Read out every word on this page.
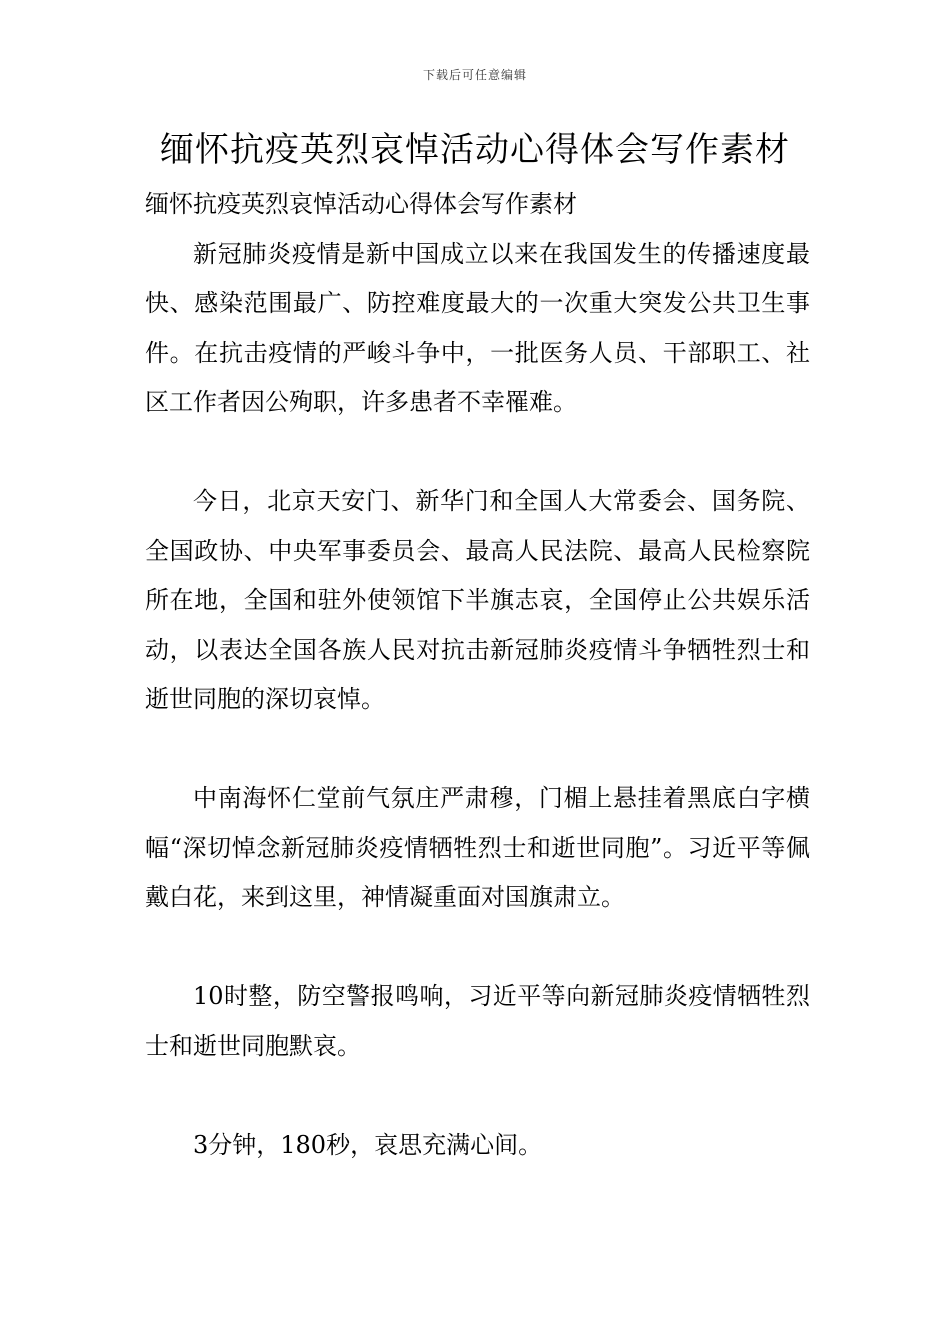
下载后可任意编辑
缅怀抗疫英烈哀悼活动心得体会写作素材

缅怀抗疫英烈哀悼活动心得体会写作素材

新冠肺炎疫情是新中国成立以来在我国发生的传播速度最快、感染范围最广、防控难度最大的一次重大突发公共卫生事件。在抗击疫情的严峻斗争中，一批医务人员、干部职工、社区工作者因公殉职，许多患者不幸罹难。

今日，北京天安门、新华门和全国人大常委会、国务院、全国政协、中央军事委员会、最高人民法院、最高人民检察院所在地，全国和驻外使领馆下半旗志哀，全国停止公共娱乐活动，以表达全国各族人民对抗击新冠肺炎疫情斗争牺牲烈士和逝世同胞的深切哀悼。

中南海怀仁堂前气氛庄严肃穆，门楣上悬挂着黑底白字横幅“深切悼念新冠肺炎疫情牺牲烈士和逝世同胞”。习近平等佩戴白花，来到这里，神情凝重面对国旗肃立。

10时整，防空警报鸣响，习近平等向新冠肺炎疫情牺牲烈士和逝世同胞默哀。

3分钟，180秒，哀思充满心间。
